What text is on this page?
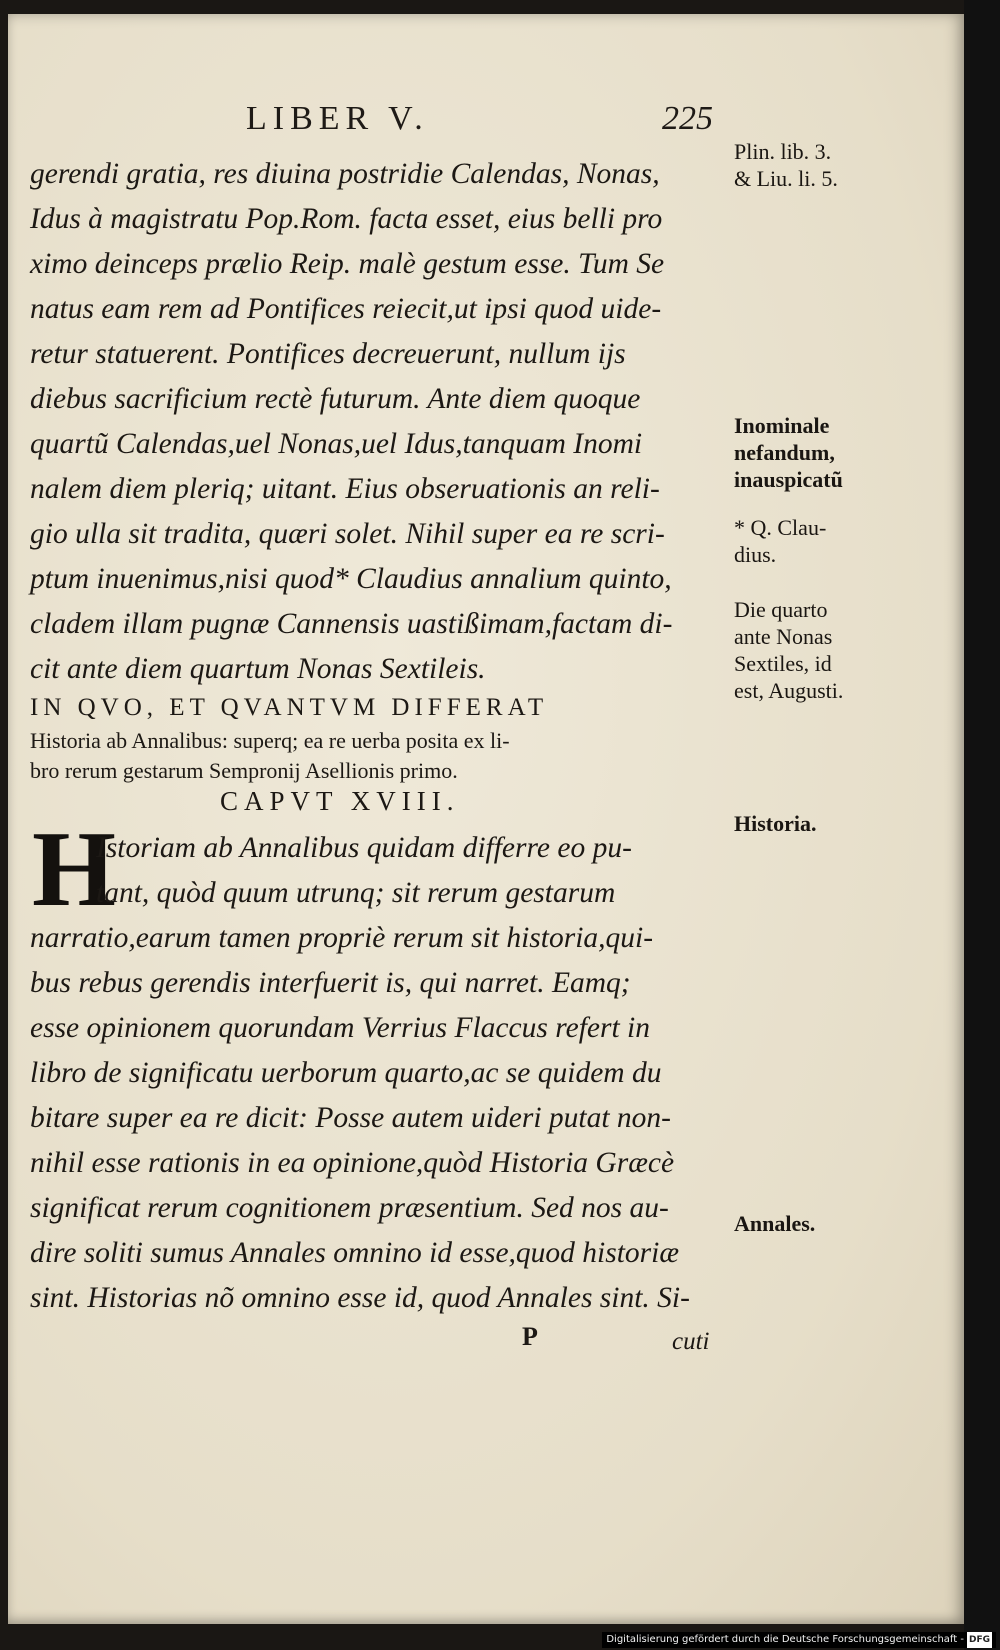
LIBER V.	225
gerendi gratia, res diuina postridie Calendas, Nonas,
Idus à magistratu Pop.Rom. facta esset, eius belli pro
ximo deinceps prælio Reip. malè gestum esse. Tum Se
natus eam rem ad Pontifices reiecit,ut ipsi quod uide-
retur statuerent. Pontifices decreuerunt, nullum ijs
diebus sacrificium rectè futurum. Ante diem quoque
quartũ Calendas,uel Nonas,uel Idus,tanquam Inomi
nalem diem pleriq; uitant. Eius obseruationis an reli-
gio ulla sit tradita, quæri solet. Nihil super ea re scri-
ptum inuenimus,nisi quod* Claudius annalium quinto,
cladem illam pugnæ Cannensis uastißimam,factam di-
cit ante diem quartum Nonas Sextileis.
IN QVO, ET QVANTVM DIFFERAT
Historia ab Annalibus: superq; ea re uerba posita ex li-
bro rerum gestarum Sempronij Asellionis primo.
CAPVT XVIII.
H
Istoriam ab Annalibus quidam differre eo pu-
tant, quòd quum utrunq; sit rerum gestarum
narratio,earum tamen propriè rerum sit historia,qui-
bus rebus gerendis interfuerit is, qui narret. Eamq;
esse opinionem quorundam Verrius Flaccus refert in
libro de significatu uerborum quarto,ac se quidem du
bitare super ea re dicit: Posse autem uideri putat non-
nihil esse rationis in ea opinione,quòd Historia Græcè
significat rerum cognitionem præsentium. Sed nos au-
dire soliti sumus Annales omnino id esse,quod historiæ
sint. Historias nõ omnino esse id, quod Annales sint. Si-
P	cuti
Plin. lib. 3.
& Liu. li. 5.
Inominale
nefandum,
inauspicatũ
* Q. Clau-
dius.
Die quarto
ante Nonas
Sextiles, id
est, Augusti.
Historia.
Annales.
Digitalisierung gefördert durch die Deutsche Forschungsgemeinschaft - DFG
